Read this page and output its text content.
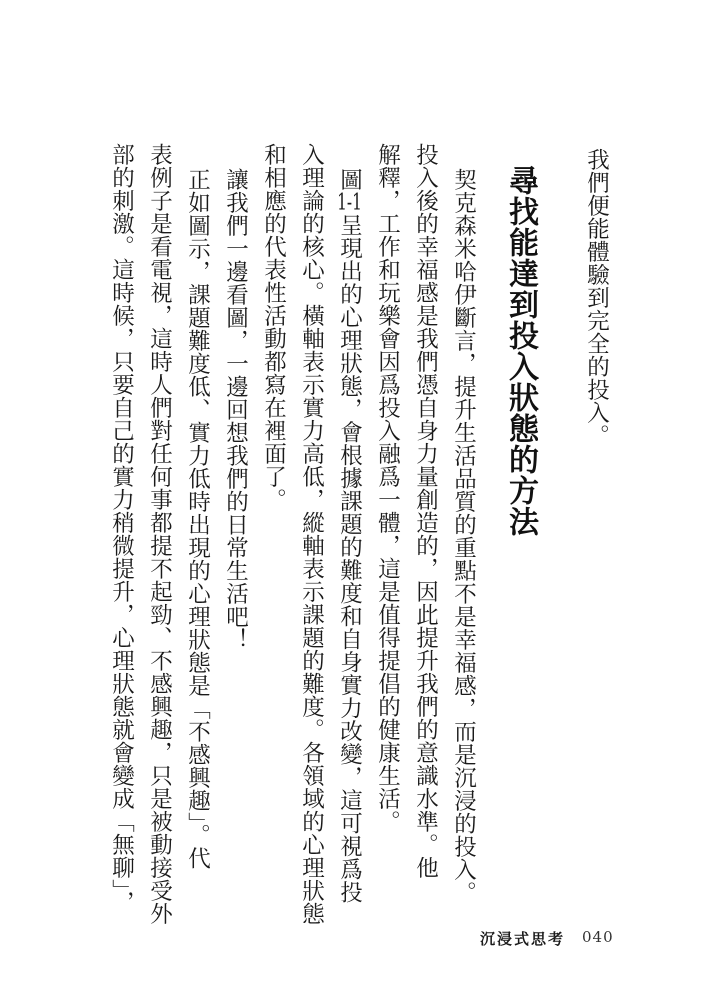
我們便能體驗到完全的投入。

尋找能達到投入狀態的方法

契克森米哈伊斷言，提升生活品質的重點不是幸福感，而是沉浸的投入。

投入後的幸福感是我們憑自身力量創造的，因此提升我們的意識水準。他

解釋，工作和玩樂會因爲投入融爲一體，這是值得提倡的健康生活。

圖1-1呈現出的心理狀態，會根據課題的難度和自身實力改變，這可視爲投

入理論的核心。橫軸表示實力高低，縱軸表示課題的難度。各領域的心理狀態

和相應的代表性活動都寫在裡面了。

讓我們一邊看圖，一邊回想我們的日常生活吧！

正如圖示，課題難度低、實力低時出現的心理狀態是「不感興趣」。代

表例子是看電視，這時人們對任何事都提不起勁、不感興趣，只是被動接受外

部的刺激。這時候，只要自己的實力稍微提升，心理狀態就會變成「無聊」，

沉浸式思考 040
